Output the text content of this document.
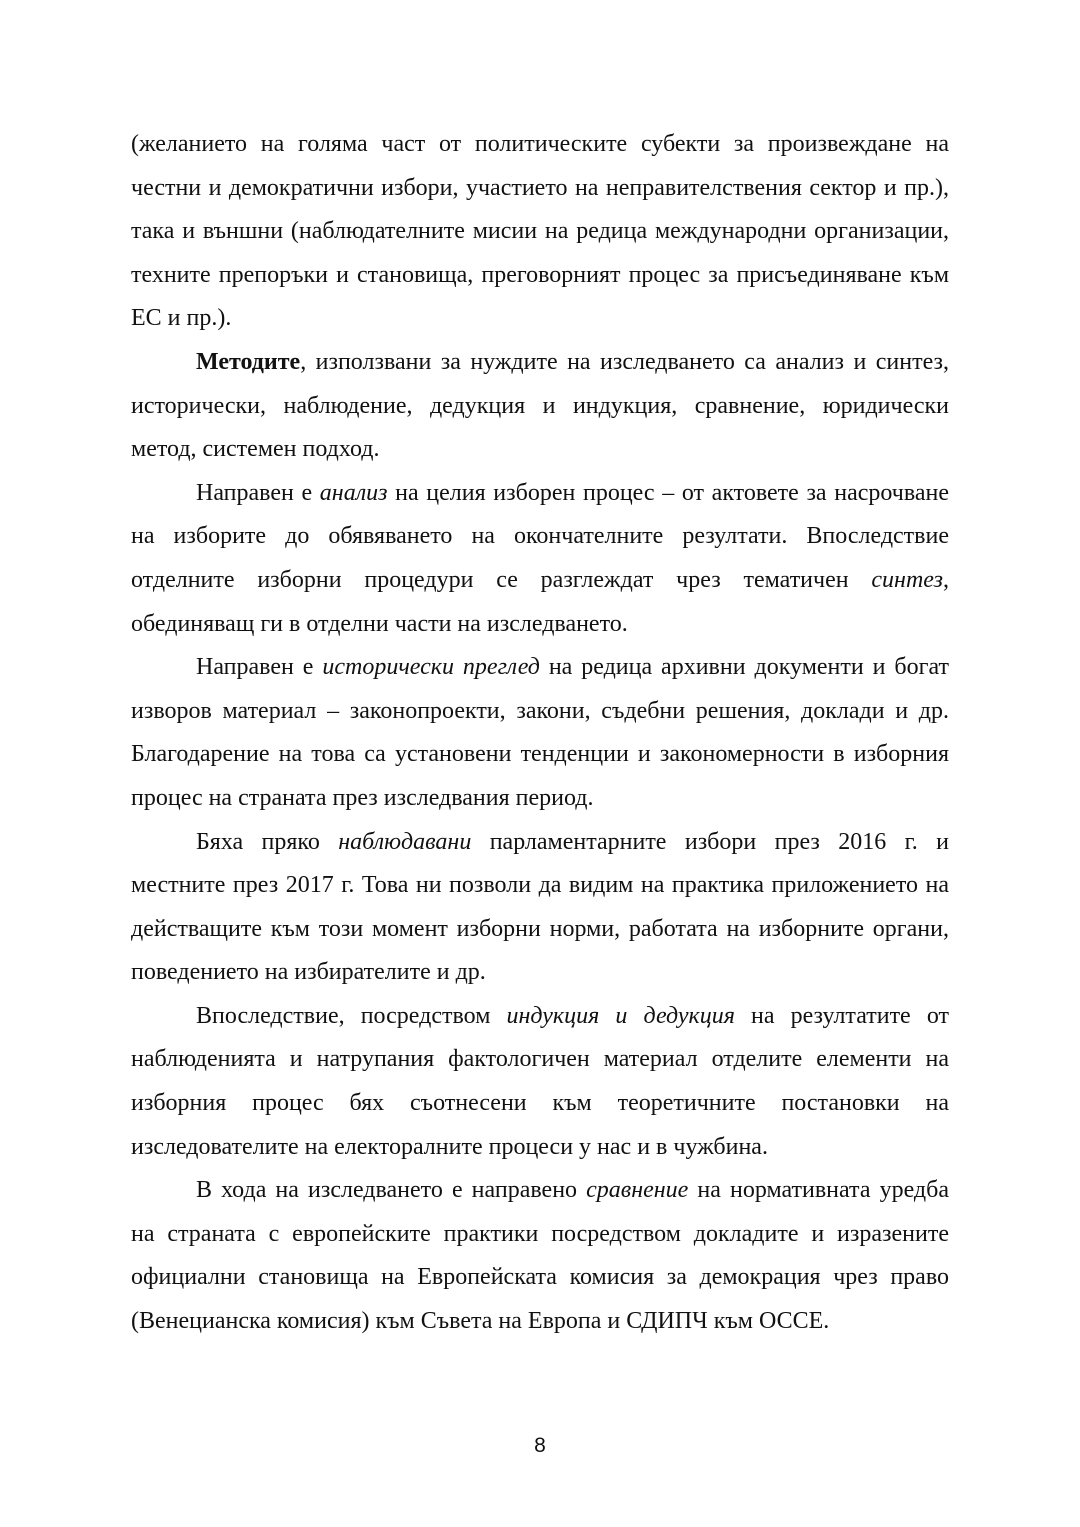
(желанието на голяма част от политическите субекти за произвеждане на честни и демократични избори, участието на неправителствения сектор и пр.), така и външни (наблюдателните мисии на редица международни организации, техните препоръки и становища, преговорният процес за присъединяване към ЕС и пр.).

Методите, използвани за нуждите на изследването са анализ и синтез, исторически, наблюдение, дедукция и индукция, сравнение, юридически метод, системен подход.

Направен е анализ на целия изборен процес – от актовете за насрочване на изборите до обявяването на окончателните резултати. Впоследствие отделните изборни процедури се разглеждат чрез тематичен синтез, обединяващ ги в отделни части на изследването.

Направен е исторически преглед на редица архивни документи и богат изворов материал – законопроекти, закони, съдебни решения, доклади и др. Благодарение на това са установени тенденции и закономерности в изборния процес на страната през изследвания период.

Бяха пряко наблюдавани парламентарните избори през 2016 г. и местните през 2017 г. Това ни позволи да видим на практика приложението на действащите към този момент изборни норми, работата на изборните органи, поведението на избирателите и др.

Впоследствие, посредством индукция и дедукция на резултатите от наблюденията и натрупания фактологичен материал отделите елементи на изборния процес бях съотнесени към теоретичните постановки на изследователите на електоралните процеси у нас и в чужбина.

В хода на изследването е направено сравнение на нормативната уредба на страната с европейските практики посредством докладите и изразените официални становища на Европейската комисия за демокрация чрез право (Венецианска комисия) към Съвета на Европа и СДИПЧ към ОССЕ.

8
